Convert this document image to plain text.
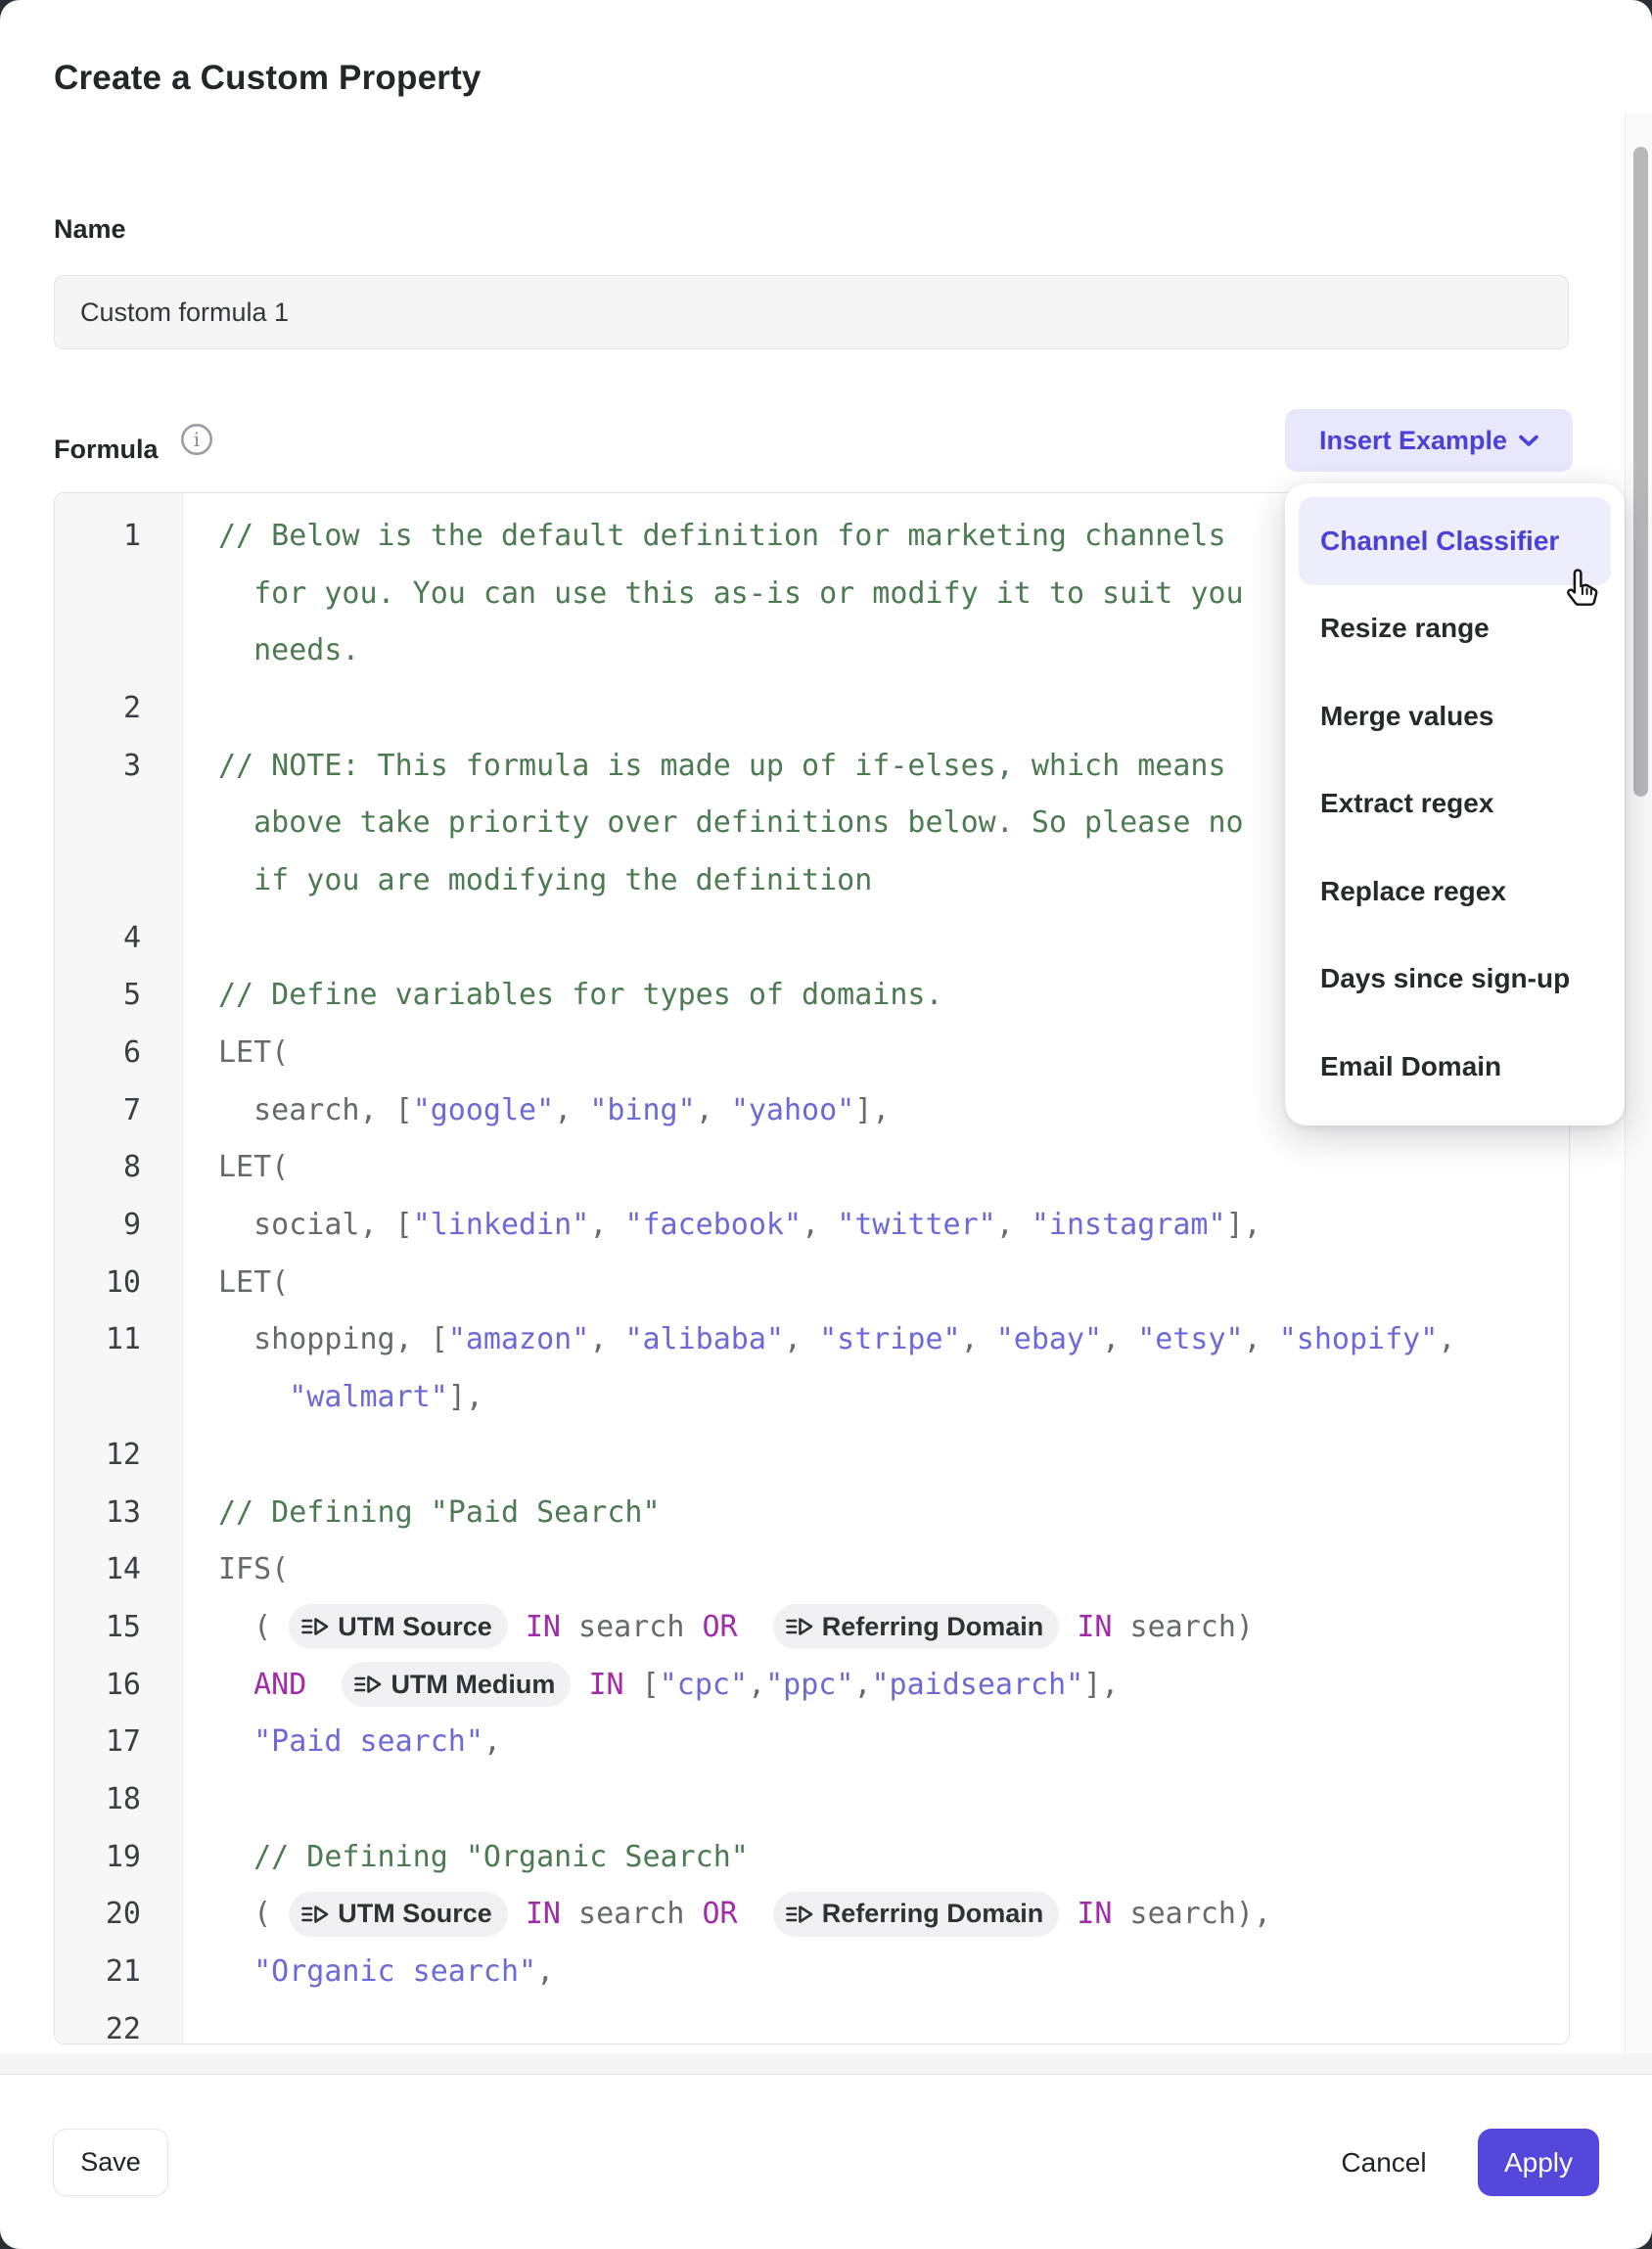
Create a Custom Property
Name
Custom formula 1
Formula i	Insert Example
1	// Below is the default definition for marketing channels
for you. You can use this as-is or modify it to suit you
needs.
2
3	// NOTE: This formula is made up of if-elses, which means
above take priority over definitions below. So please no
if you are modifying the definition
4
5	// Define variables for types of domains.
6	LET(
7	search, [ "google" , "bing" , "yahoo" ],
8	LET(
9	social, [ "linkedin" , "facebook" , "twitter" , "instagram" ],
10	LET(
11	shopping, [ "amazon" , "alibaba" , "stripe" , "ebay" , "etsy" , "shopify" ,

"walmart" ],
12
13	// Defining "Paid Search"
14	IFS(
15	( UTM Source
IN search OR
	Referring Domain
IN search)
16
	AND
	UTM Medium
IN [ "cpc" , "ppc" , "paidsearch" ],
17
	"Paid search" ,
18
19	// Defining "Organic Search"
20	( UTM Source
IN search OR
	Referring Domain
IN search),
21
	"Organic search" ,
22
Channel Classifier
Resize range
Merge values
Extract regex
Replace regex
Days since sign-up
Email Domain
Save	Cancel	Apply
